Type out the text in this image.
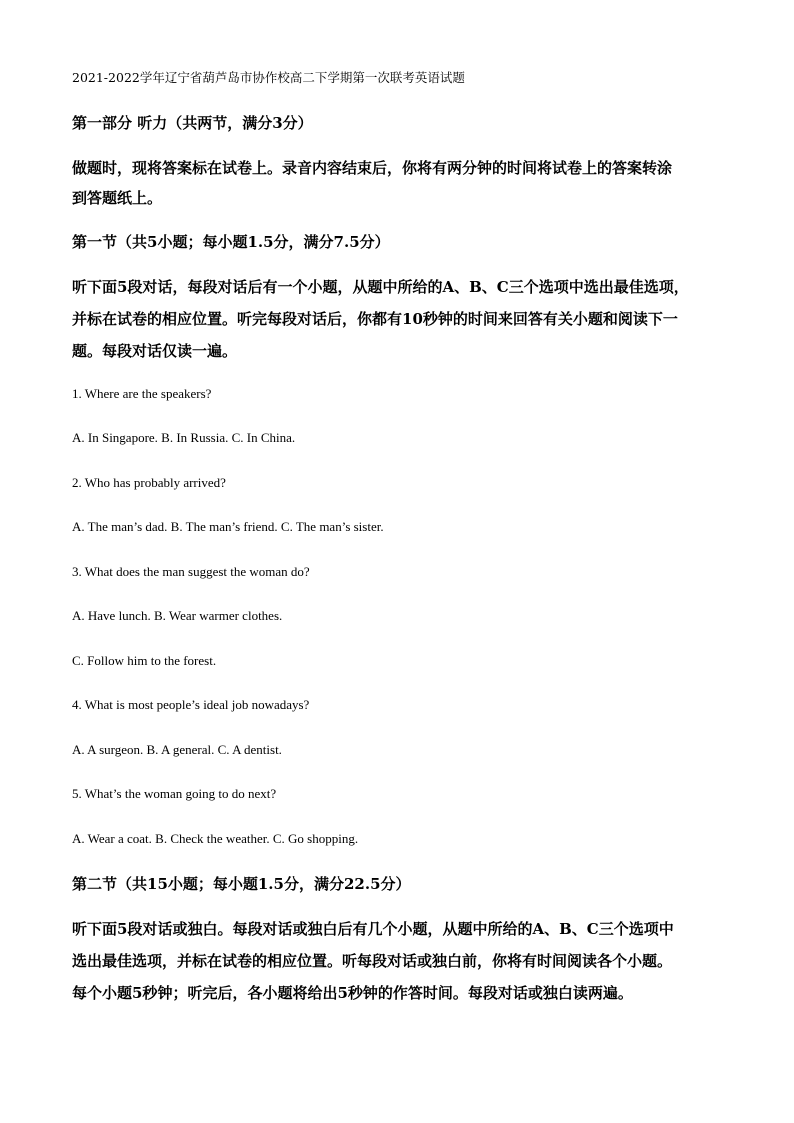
2021-2022学年辽宁省葫芦岛市协作校高二下学期第一次联考英语试题
第一部分 听力（共两节，满分3分）
做题时，现将答案标在试卷上。录音内容结束后，你将有两分钟的时间将试卷上的答案转涂
到答题纸上。
第一节（共5小题；每小题1.5分，满分7.5分）
听下面5段对话，每段对话后有一个小题，从题中所给的A、B、C三个选项中选出最佳选项，
并标在试卷的相应位置。听完每段对话后，你都有10秒钟的时间来回答有关小题和阅读下一
题。每段对话仅读一遍。
1. Where are the speakers?
A. In Singapore. B. In Russia. C. In China.
2. Who has probably arrived?
A. The man’s dad. B. The man’s friend. C. The man’s sister.
3. What does the man suggest the woman do?
A. Have lunch. B. Wear warmer clothes.
C. Follow him to the forest.
4. What is most people’s ideal job nowadays?
A. A surgeon. B. A general. C. A dentist.
5. What’s the woman going to do next?
A. Wear a coat. B. Check the weather. C. Go shopping.
第二节（共15小题；每小题1.5分，满分22.5分）
听下面5段对话或独白。每段对话或独白后有几个小题，从题中所给的A、B、C三个选项中
选出最佳选项，并标在试卷的相应位置。听每段对话或独白前，你将有时间阅读各个小题。
每个小题5秒钟；听完后，各小题将给出5秒钟的作答时间。每段对话或独白读两遍。
